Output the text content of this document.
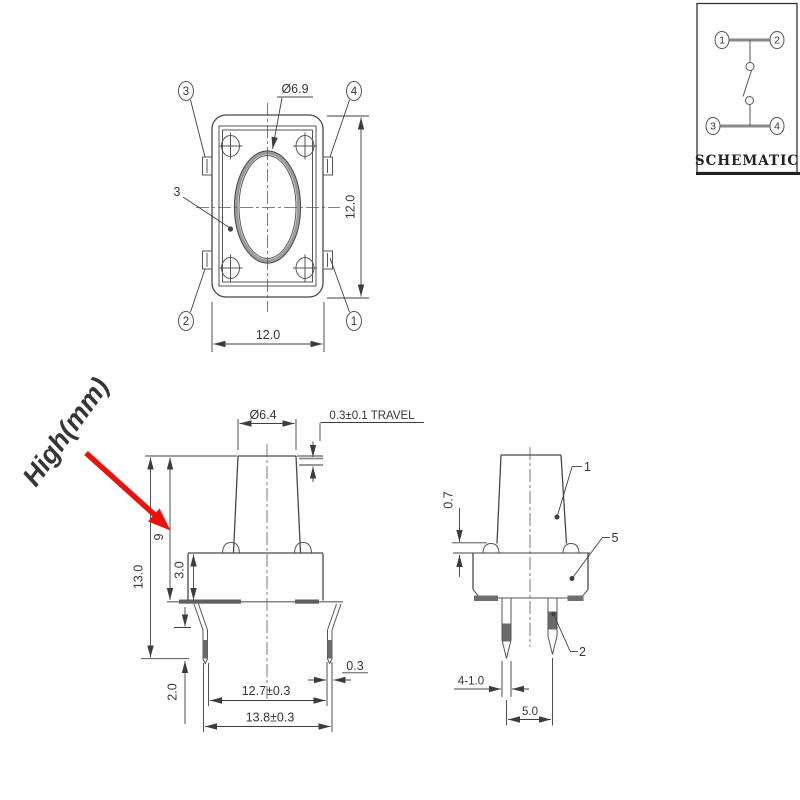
12.0
12.0
3	4
2	1
3
Ø6.9
1	2
3	4
SCHEMATIC
0.3±0.1 TRAVEL
Ø6.4
13.0
9
3.0
2.0	12.7±0.3
13.8±0.3
0.3
0.7
1
5
2
4-1.0
5.0
High(mm)
